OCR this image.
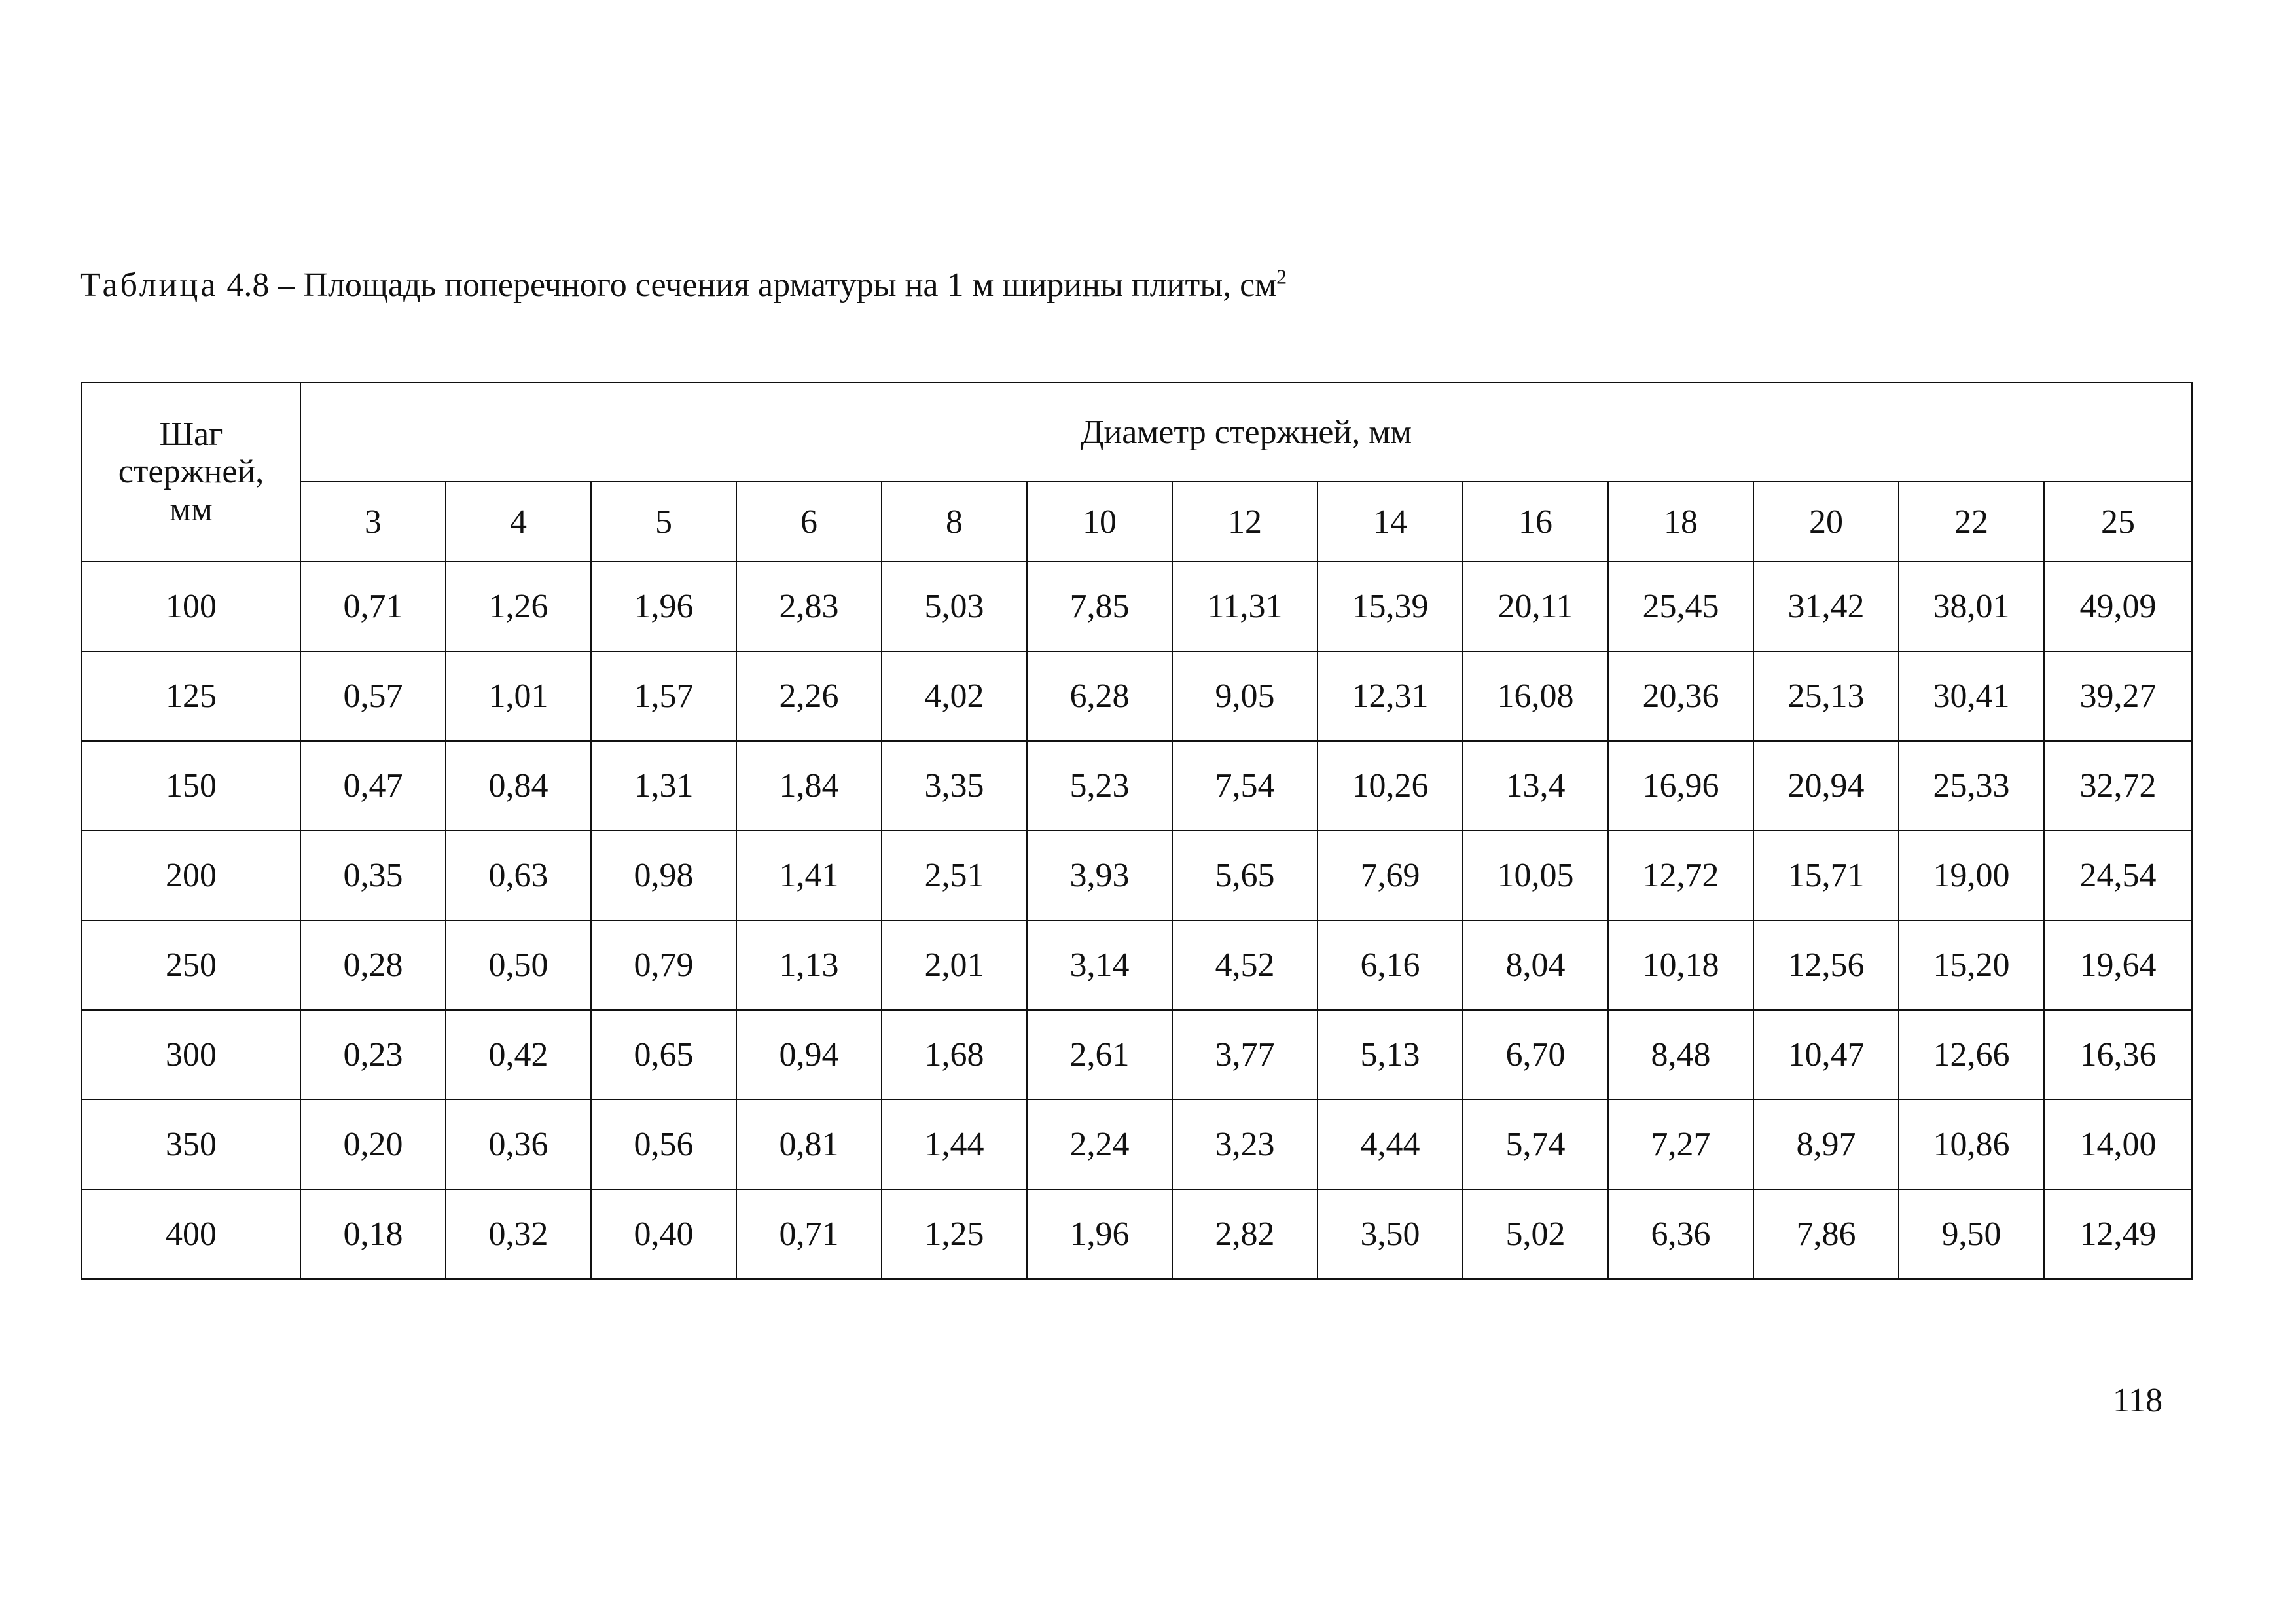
Таблица 4.8 – Площадь поперечного сечения арматуры на 1 м ширины плиты, $см^2$
Шаг
стержней,
мм	Диаметр стержней, мм												
	3	4	5	6	8	10	12	14	16	18	20	22	25
100	0,71	1,26	1,96	2,83	5,03	7,85	11,31	15,39	20,11	25,45	31,42	38,01	49,09
125	0,57	1,01	1,57	2,26	4,02	6,28	9,05	12,31	16,08	20,36	25,13	30,41	39,27
150	0,47	0,84	1,31	1,84	3,35	5,23	7,54	10,26	13,4	16,96	20,94	25,33	32,72
200	0,35	0,63	0,98	1,41	2,51	3,93	5,65	7,69	10,05	12,72	15,71	19,00	24,54
250	0,28	0,50	0,79	1,13	2,01	3,14	4,52	6,16	8,04	10,18	12,56	15,20	19,64
300	0,23	0,42	0,65	0,94	1,68	2,61	3,77	5,13	6,70	8,48	10,47	12,66	16,36
350	0,20	0,36	0,56	0,81	1,44	2,24	3,23	4,44	5,74	7,27	8,97	10,86	14,00
400	0,18	0,32	0,40	0,71	1,25	1,96	2,82	3,50	5,02	6,36	7,86	9,50	12,49
118
